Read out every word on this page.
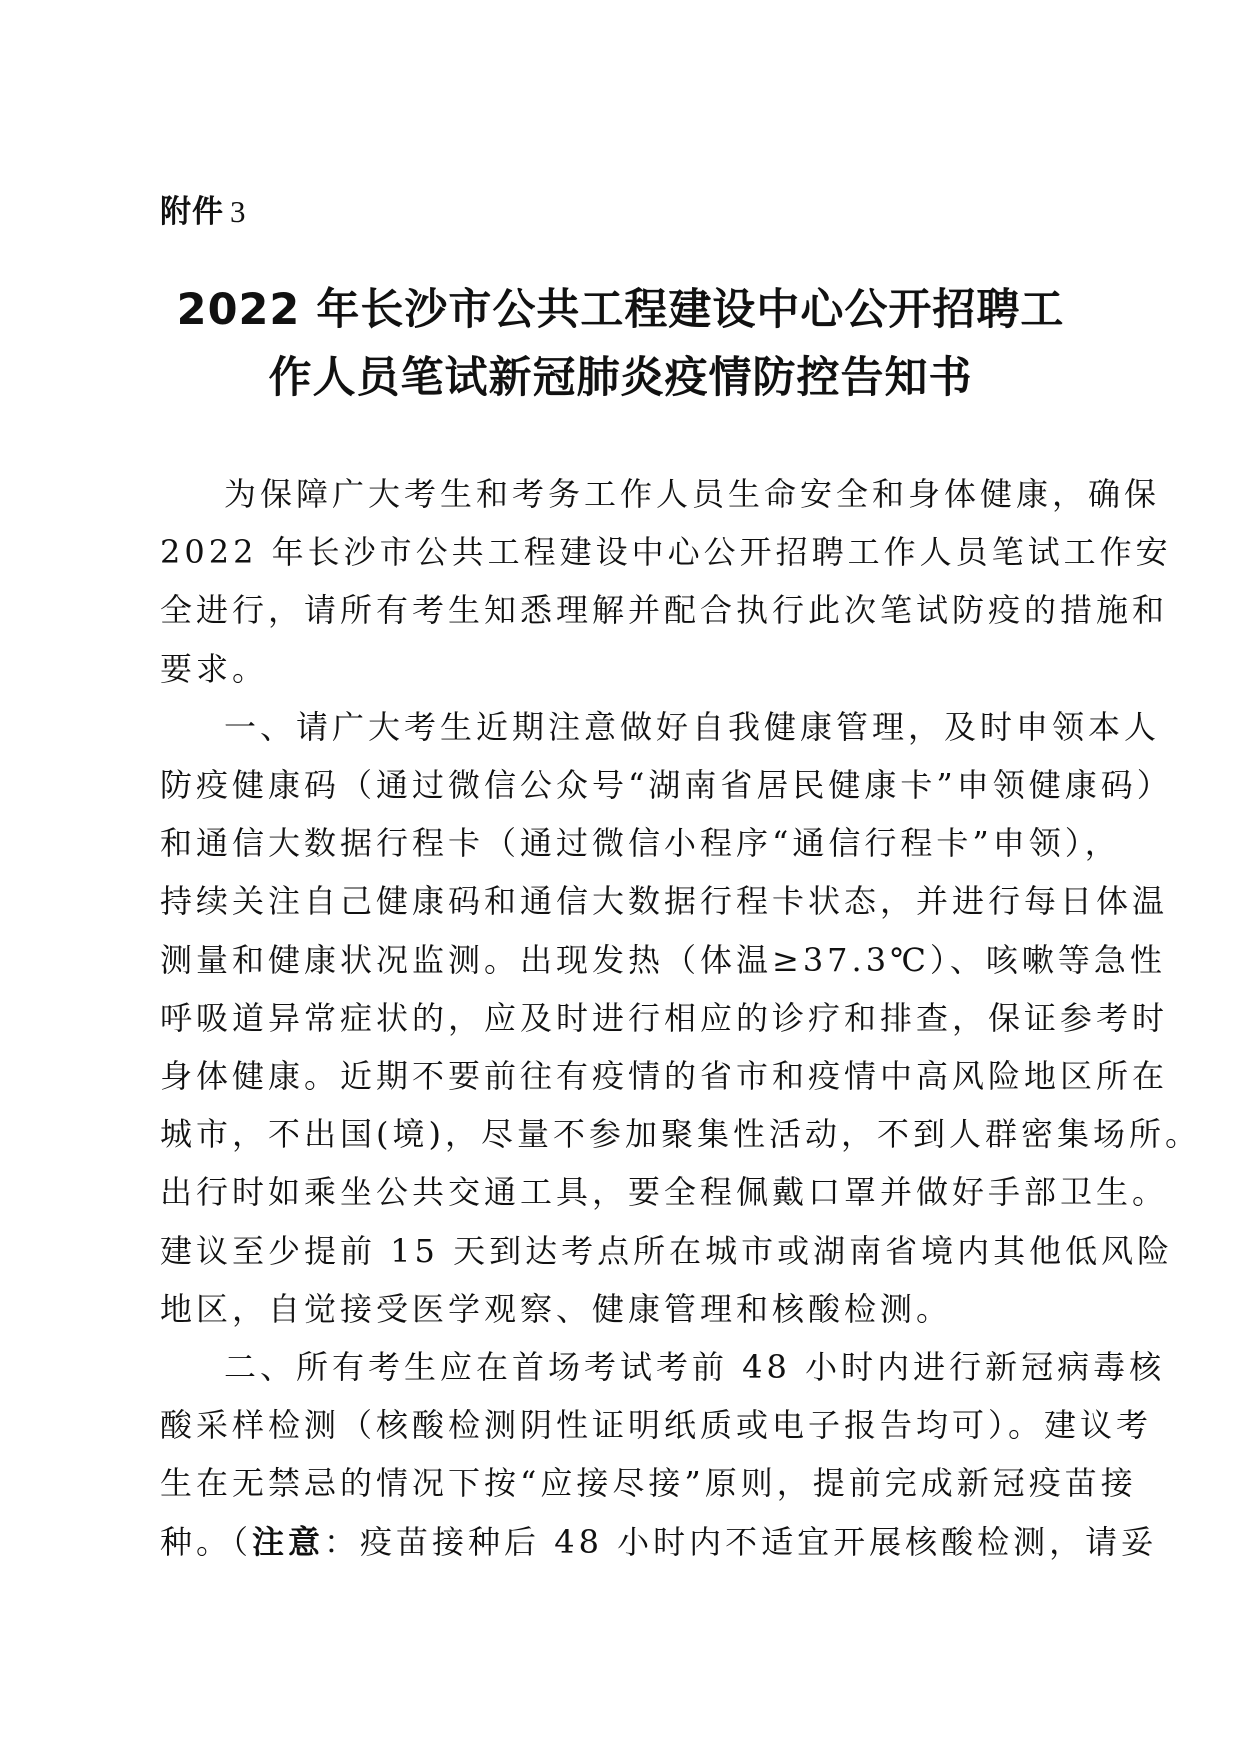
附件 3
2022 年长沙市公共工程建设中心公开招聘工
作人员笔试新冠肺炎疫情防控告知书

为保障广大考生和考务工作人员生命安全和身体健康，确保
2022 年长沙市公共工程建设中心公开招聘工作人员笔试工作安
全进行，请所有考生知悉理解并配合执行此次笔试防疫的措施和
要求。

一、请广大考生近期注意做好自我健康管理，及时申领本人
防疫健康码（通过微信公众号“湖南省居民健康卡”申领健康码）
和通信大数据行程卡（通过微信小程序“通信行程卡”申领），
持续关注自己健康码和通信大数据行程卡状态，并进行每日体温
测量和健康状况监测。出现发热（体温≥37.3℃）、咳嗽等急性
呼吸道异常症状的，应及时进行相应的诊疗和排查，保证参考时
身体健康。近期不要前往有疫情的省市和疫情中高风险地区所在
城市，不出国(境)，尽量不参加聚集性活动，不到人群密集场所。
出行时如乘坐公共交通工具，要全程佩戴口罩并做好手部卫生。
建议至少提前 15 天到达考点所在城市或湖南省境内其他低风险
地区，自觉接受医学观察、健康管理和核酸检测。

二、所有考生应在首场考试考前 48 小时内进行新冠病毒核
酸采样检测（核酸检测阴性证明纸质或电子报告均可）。建议考
生在无禁忌的情况下按“应接尽接”原则，提前完成新冠疫苗接
种。（注意：疫苗接种后 48 小时内不适宜开展核酸检测，请妥
